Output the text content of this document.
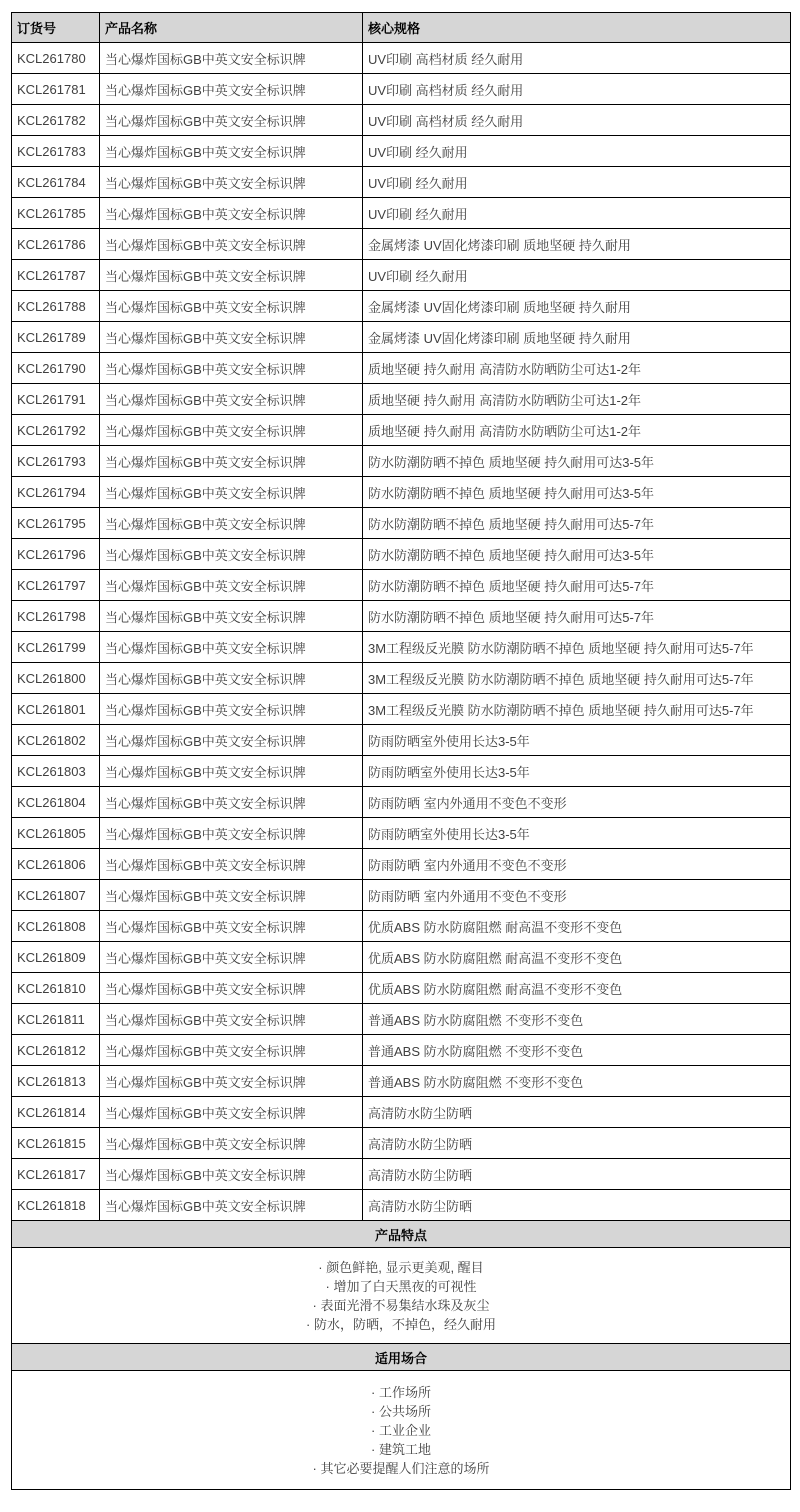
订货号	产品名称	核心规格
KCL261780	当心爆炸国标GB中英文安全标识牌	UV印刷 高档材质 经久耐用
KCL261781	当心爆炸国标GB中英文安全标识牌	UV印刷 高档材质 经久耐用
KCL261782	当心爆炸国标GB中英文安全标识牌	UV印刷 高档材质 经久耐用
KCL261783	当心爆炸国标GB中英文安全标识牌	UV印刷 经久耐用
KCL261784	当心爆炸国标GB中英文安全标识牌	UV印刷 经久耐用
KCL261785	当心爆炸国标GB中英文安全标识牌	UV印刷 经久耐用
KCL261786	当心爆炸国标GB中英文安全标识牌	金属烤漆 UV固化烤漆印刷 质地坚硬 持久耐用
KCL261787	当心爆炸国标GB中英文安全标识牌	UV印刷 经久耐用
KCL261788	当心爆炸国标GB中英文安全标识牌	金属烤漆 UV固化烤漆印刷 质地坚硬 持久耐用
KCL261789	当心爆炸国标GB中英文安全标识牌	金属烤漆 UV固化烤漆印刷 质地坚硬 持久耐用
KCL261790	当心爆炸国标GB中英文安全标识牌	质地坚硬 持久耐用 高清防水防晒防尘可达1-2年
KCL261791	当心爆炸国标GB中英文安全标识牌	质地坚硬 持久耐用 高清防水防晒防尘可达1-2年
KCL261792	当心爆炸国标GB中英文安全标识牌	质地坚硬 持久耐用 高清防水防晒防尘可达1-2年
KCL261793	当心爆炸国标GB中英文安全标识牌	防水防潮防晒不掉色 质地坚硬 持久耐用可达3-5年
KCL261794	当心爆炸国标GB中英文安全标识牌	防水防潮防晒不掉色 质地坚硬 持久耐用可达3-5年
KCL261795	当心爆炸国标GB中英文安全标识牌	防水防潮防晒不掉色 质地坚硬 持久耐用可达5-7年
KCL261796	当心爆炸国标GB中英文安全标识牌	防水防潮防晒不掉色 质地坚硬 持久耐用可达3-5年
KCL261797	当心爆炸国标GB中英文安全标识牌	防水防潮防晒不掉色 质地坚硬 持久耐用可达5-7年
KCL261798	当心爆炸国标GB中英文安全标识牌	防水防潮防晒不掉色 质地坚硬 持久耐用可达5-7年
KCL261799	当心爆炸国标GB中英文安全标识牌	3M工程级反光膜 防水防潮防晒不掉色 质地坚硬 持久耐用可达5-7年
KCL261800	当心爆炸国标GB中英文安全标识牌	3M工程级反光膜 防水防潮防晒不掉色 质地坚硬 持久耐用可达5-7年
KCL261801	当心爆炸国标GB中英文安全标识牌	3M工程级反光膜 防水防潮防晒不掉色 质地坚硬 持久耐用可达5-7年
KCL261802	当心爆炸国标GB中英文安全标识牌	防雨防晒室外使用长达3-5年
KCL261803	当心爆炸国标GB中英文安全标识牌	防雨防晒室外使用长达3-5年
KCL261804	当心爆炸国标GB中英文安全标识牌	防雨防晒 室内外通用不变色不变形
KCL261805	当心爆炸国标GB中英文安全标识牌	防雨防晒室外使用长达3-5年
KCL261806	当心爆炸国标GB中英文安全标识牌	防雨防晒 室内外通用不变色不变形
KCL261807	当心爆炸国标GB中英文安全标识牌	防雨防晒 室内外通用不变色不变形
KCL261808	当心爆炸国标GB中英文安全标识牌	优质ABS 防水防腐阻燃 耐高温不变形不变色
KCL261809	当心爆炸国标GB中英文安全标识牌	优质ABS 防水防腐阻燃 耐高温不变形不变色
KCL261810	当心爆炸国标GB中英文安全标识牌	优质ABS 防水防腐阻燃 耐高温不变形不变色
KCL261811	当心爆炸国标GB中英文安全标识牌	普通ABS 防水防腐阻燃 不变形不变色
KCL261812	当心爆炸国标GB中英文安全标识牌	普通ABS 防水防腐阻燃 不变形不变色
KCL261813	当心爆炸国标GB中英文安全标识牌	普通ABS 防水防腐阻燃 不变形不变色
KCL261814	当心爆炸国标GB中英文安全标识牌	高清防水防尘防晒
KCL261815	当心爆炸国标GB中英文安全标识牌	高清防水防尘防晒
KCL261817	当心爆炸国标GB中英文安全标识牌	高清防水防尘防晒
KCL261818	当心爆炸国标GB中英文安全标识牌	高清防水防尘防晒
产品特点		

· 颜色鲜艳, 显示更美观, 醒目
· 增加了白天黑夜的可视性
· 表面光滑不易集结水珠及灰尘
· 防水，防晒，不掉色，经久耐用		

适用场合		

· 工作场所
· 公共场所
· 工业企业
· 建筑工地
· 其它必要提醒人们注意的场所		
